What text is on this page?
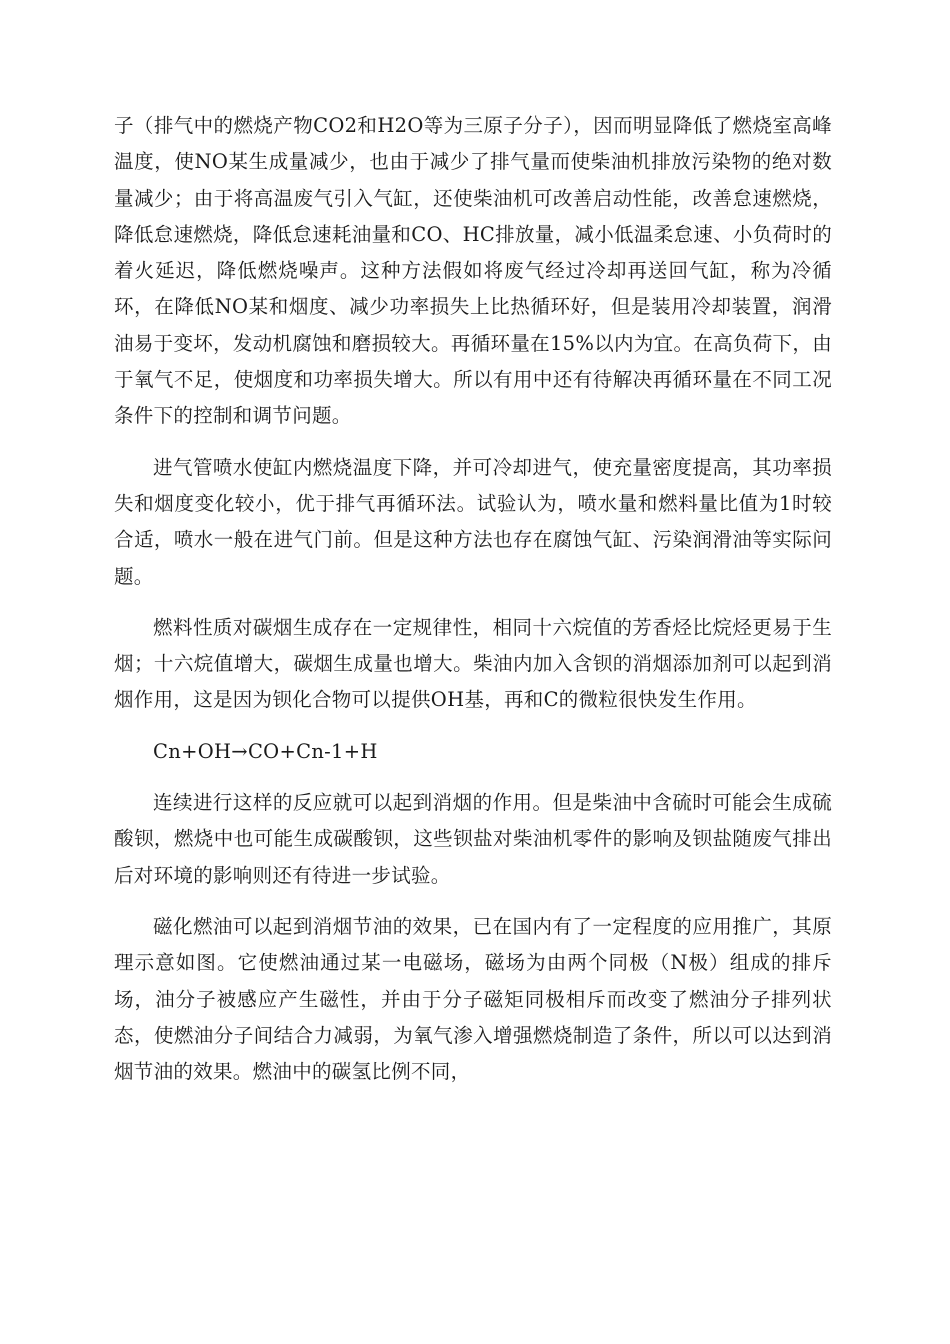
子（排气中的燃烧产物CO2和H2O等为三原子分子），因而明显降低了燃烧室高峰温度，使NO某生成量减少，也由于减少了排气量而使柴油机排放污染物的绝对数量减少；由于将高温废气引入气缸，还使柴油机可改善启动性能，改善怠速燃烧，降低怠速燃烧，降低怠速耗油量和CO、HC排放量，减小低温柔怠速、小负荷时的着火延迟，降低燃烧噪声。这种方法假如将废气经过冷却再送回气缸，称为冷循环，在降低NO某和烟度、减少功率损失上比热循环好，但是装用冷却装置，润滑油易于变坏，发动机腐蚀和磨损较大。再循环量在15%以内为宜。在高负荷下，由于氧气不足，使烟度和功率损失增大。所以有用中还有待解决再循环量在不同工况条件下的控制和调节问题。

进气管喷水使缸内燃烧温度下降，并可冷却进气，使充量密度提高，其功率损失和烟度变化较小，优于排气再循环法。试验认为，喷水量和燃料量比值为1时较合适，喷水一般在进气门前。但是这种方法也存在腐蚀气缸、污染润滑油等实际问题。

燃料性质对碳烟生成存在一定规律性，相同十六烷值的芳香烃比烷烃更易于生烟；十六烷值增大，碳烟生成量也增大。柴油内加入含钡的消烟添加剂可以起到消烟作用，这是因为钡化合物可以提供OH基，再和C的微粒很快发生作用。

Cn+OH→CO+Cn-1+H

连续进行这样的反应就可以起到消烟的作用。但是柴油中含硫时可能会生成硫酸钡，燃烧中也可能生成碳酸钡，这些钡盐对柴油机零件的影响及钡盐随废气排出后对环境的影响则还有待进一步试验。

磁化燃油可以起到消烟节油的效果，已在国内有了一定程度的应用推广，其原理示意如图。它使燃油通过某一电磁场，磁场为由两个同极（N极）组成的排斥场，油分子被感应产生磁性，并由于分子磁矩同极相斥而改变了燃油分子排列状态，使燃油分子间结合力减弱，为氧气渗入增强燃烧制造了条件，所以可以达到消烟节油的效果。燃油中的碳氢比例不同，
